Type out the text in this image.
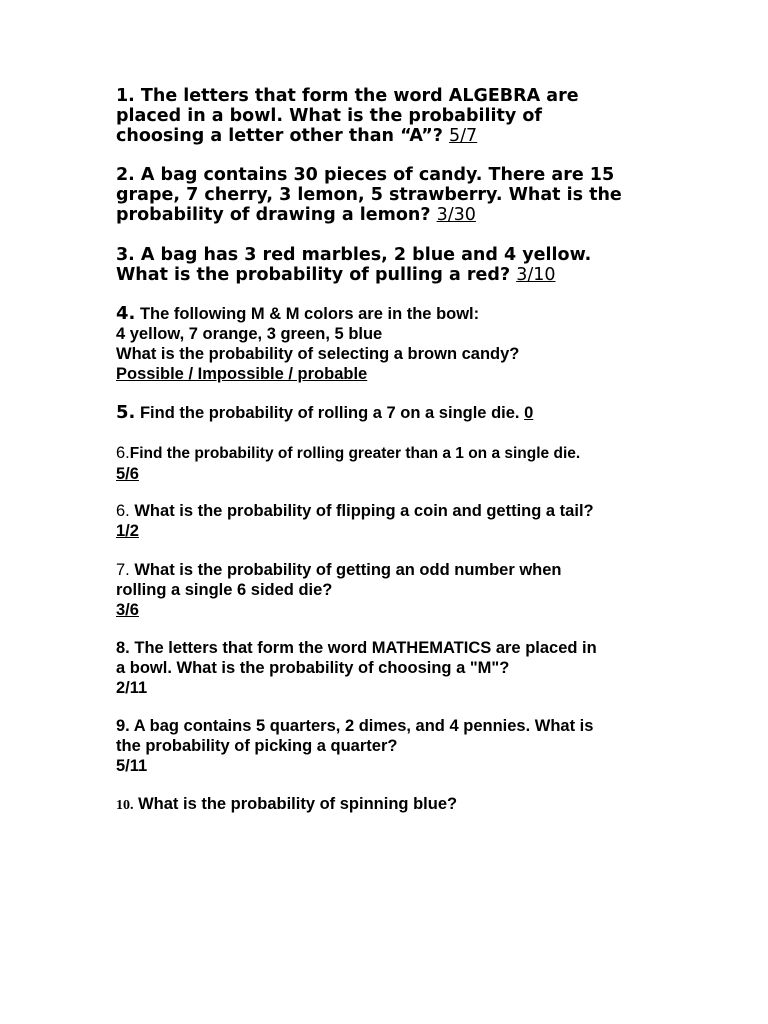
1. The letters that form the word ALGEBRA are
placed in a bowl. What is the probability of
choosing a letter other than “A”? 5/7
2. A bag contains 30 pieces of candy. There are 15
grape, 7 cherry, 3 lemon, 5 strawberry. What is the
probability of drawing a lemon? 3/30
3. A bag has 3 red marbles, 2 blue and 4 yellow.
What is the probability of pulling a red? 3/10
4. The following M & M colors are in the bowl:
4 yellow, 7 orange, 3 green, 5 blue
What is the probability of selecting a brown candy?
Possible / Impossible / probable
5. Find the probability of rolling a 7 on a single die. 0
6.Find the probability of rolling greater than a 1 on a single die.
5/6
6. What is the probability of flipping a coin and getting a tail?
1/2
7. What is the probability of getting an odd number when
rolling a single 6 sided die?
3/6
8. The letters that form the word MATHEMATICS are placed in
a bowl. What is the probability of choosing a "M"?
2/11
9. A bag contains 5 quarters, 2 dimes, and 4 pennies. What is
the probability of picking a quarter?
5/11
10. What is the probability of spinning blue?
